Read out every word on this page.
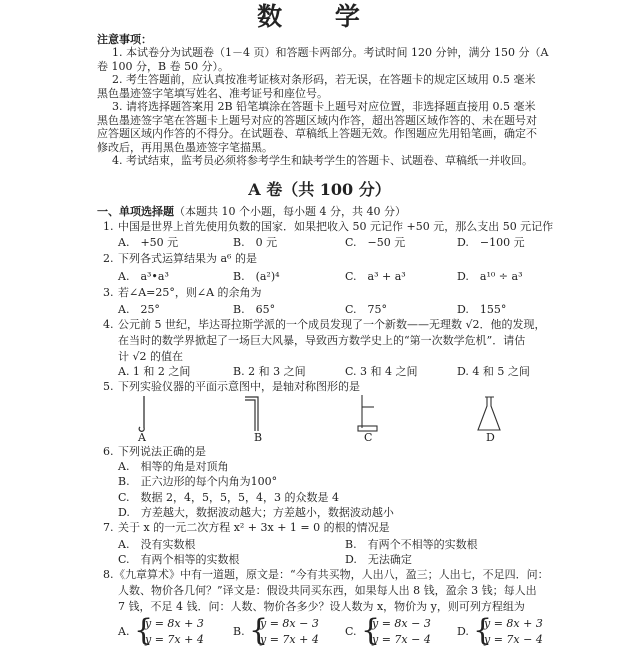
数 学
注意事项：
1. 本试卷分为试题卷（1－4 页）和答题卡两部分。考试时间 120 分钟，满分 150 分（A
卷 100 分，B 卷 50 分）。
2. 考生答题前，应认真按准考证核对条形码，若无误，在答题卡的规定区域用 0.5 毫米
黑色墨迹签字笔填写姓名、准考证号和座位号。
3. 请将选择题答案用 2B 铅笔填涂在答题卡上题号对应位置，非选择题直接用 0.5 毫米
黑色墨迹签字笔在答题卡上题号对应的答题区域内作答，超出答题区域作答的、未在题号对
应答题区域内作答的不得分。在试题卷、草稿纸上答题无效。作图题应先用铅笔画，确定不
修改后，再用黑色墨迹签字笔描黑。
4. 考试结束，监考员必须将参考学生和缺考学生的答题卡、试题卷、草稿纸一并收回。
A 卷（共 100 分）
一、单项选择题（本题共 10 个小题，每小题 4 分，共 40 分）
1. 中国是世界上首先使用负数的国家．如果把收入 50 元记作 +50 元，那么支出 50 元记作
A.　+50 元	B.　0 元	C.　−50 元	D.　−100 元
2. 下列各式运算结果为 a⁶ 的是
A.　a³•a³	B.　(a²)⁴	C.　a³ + a³	D.　a¹⁰ ÷ a³
3. 若∠A=25°，则∠A 的余角为
A.　25°	B.　65°	C.　75°	D.　155°
4. 公元前 5 世纪，毕达哥拉斯学派的一个成员发现了一个新数——无理数 √2．他的发现，
在当时的数学界掀起了一场巨大风暴，导致西方数学史上的“第一次数学危机”．请估
计 √2 的值在
A. 1 和 2 之间	B. 2 和 3 之间	C. 3 和 4 之间	D. 4 和 5 之间
5. 下列实验仪器的平面示意图中，是轴对称图形的是
A	B	C	D
6. 下列说法正确的是
A.　相等的角是对顶角
B.　正六边形的每个内角为100°
C.　数据 2，4，5，5，5，4，3 的众数是 4
D.　方差越大，数据波动越大；方差越小，数据波动越小
7. 关于 x 的一元二次方程 x² + 3x + 1 = 0 的根的情况是
A.　没有实数根	B.　有两个不相等的实数根
C.　有两个相等的实数根	D.　无法确定
8. 《九章算术》中有一道题，原文是：“今有共买物，人出八，盈三；人出七，不足四．问：
人数、物价各几何？”译文是：假设共同买东西，如果每人出 8 钱，盈余 3 钱；每人出
7 钱，不足 4 钱．问：人数、物价各多少？设人数为 x，物价为 y，则可列方程组为
A. {
y = 8x + 3
y = 7x + 4
B. {
y = 8x − 3
y = 7x + 4
C. {
y = 8x − 3
y = 7x − 4
D. {
y = 8x + 3
y = 7x − 4
